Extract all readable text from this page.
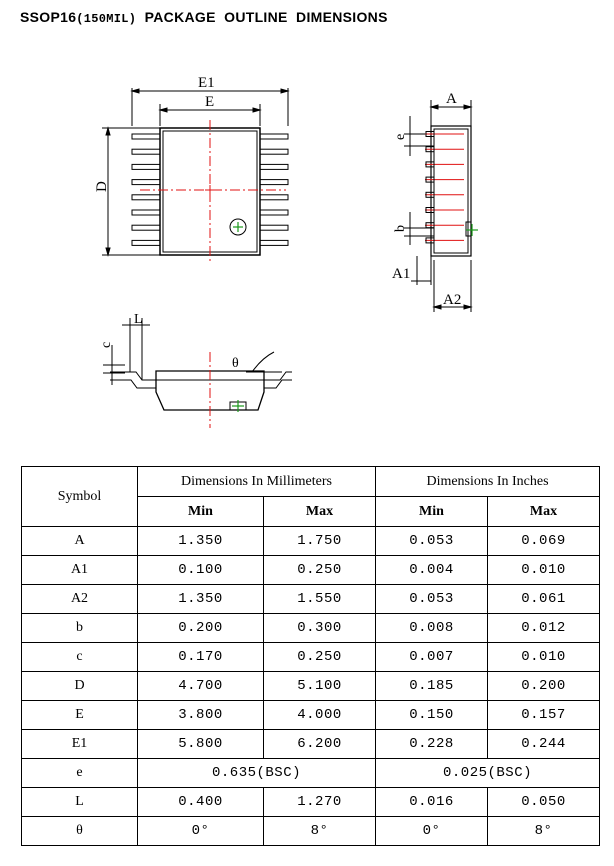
SSOP16(150MIL)  PACKAGE  OUTLINE  DIMENSIONS
E1
E
D
A
e
b
A1
A2
L
c
θ
Symbol	Dimensions In Millimeters		Dimensions In Inches	
	Min	Max	Min	Max
A	1.350	1.750	0.053	0.069
A1	0.100	0.250	0.004	0.010
A2	1.350	1.550	0.053	0.061
b	0.200	0.300	0.008	0.012
c	0.170	0.250	0.007	0.010
D	4.700	5.100	0.185	0.200
E	3.800	4.000	0.150	0.157
E1	5.800	6.200	0.228	0.244
e	0.635(BSC)		0.025(BSC)	
L	0.400	1.270	0.016	0.050
θ	0°	8°	0°	8°
